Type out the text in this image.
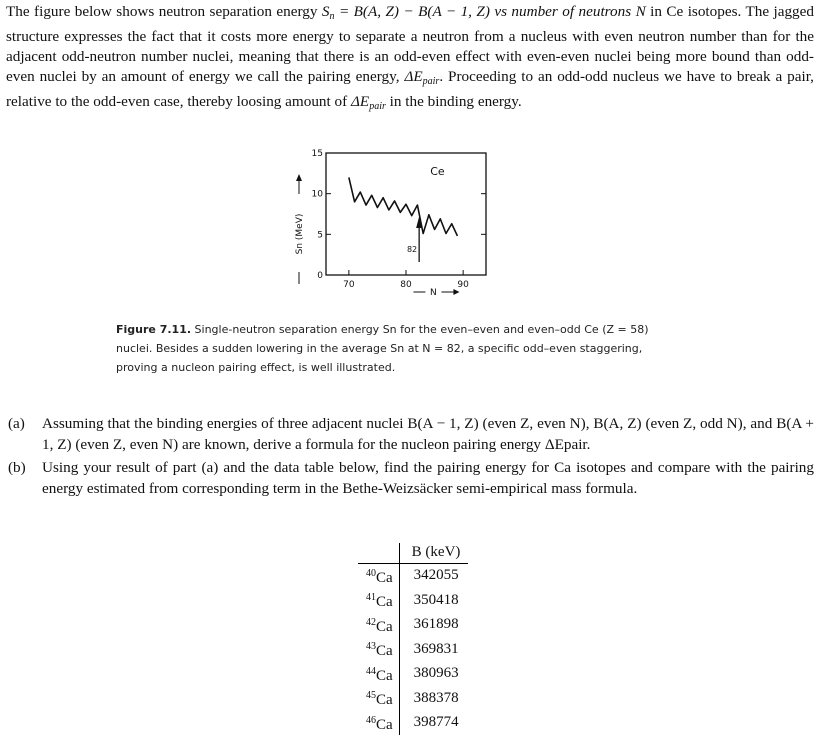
The figure below shows neutron separation energy $S_n = B(A$, Z) − B(A − 1, Z) vs number of neutrons N in Ce isotopes. The jagged structure expresses the fact that it costs more energy to separate a neutron from a nucleus with even neutron number than for the adjacent odd-neutron number nuclei, meaning that there is an odd-even effect with even-even nuclei being more bound than odd-even nuclei by an amount of energy we call the pairing energy, $\Delta E_{pair}$. Proceeding to an odd-odd nucleus we have to break a pair, relative to the odd-even case, thereby loosing amount of $\Delta E_{pair}$ in the binding energy.
0
5
10
15
70	80	90
Ce
82
N
Sn (MeV)
Figure 7.11. Single-neutron separation energy Sn for the even–even and even–odd Ce (Z = 58) nuclei. Besides a sudden lowering in the average Sn at N = 82, a specific odd–even staggering, proving a nucleon pairing effect, is well illustrated.
(a)	Assuming that the binding energies of three adjacent nuclei B(A − 1, Z) (even Z, even N), B(A, Z) (even Z, odd N), and B(A + 1, Z) (even Z, even N) are known, derive a formula for the nucleon pairing energy ΔEpair.
(b)	Using your result of part (a) and the data table below, find the pairing energy for Ca isotopes and compare with the pairing energy estimated from corresponding term in the Bethe-Weizsäcker semi-empirical mass formula.
	B (keV)
$^{40}$Ca	342055
$^{41}$Ca	350418
$^{42}$Ca	361898
$^{43}$Ca	369831
$^{44}$Ca	380963
$^{45}$Ca	388378
$^{46}$Ca	398774
